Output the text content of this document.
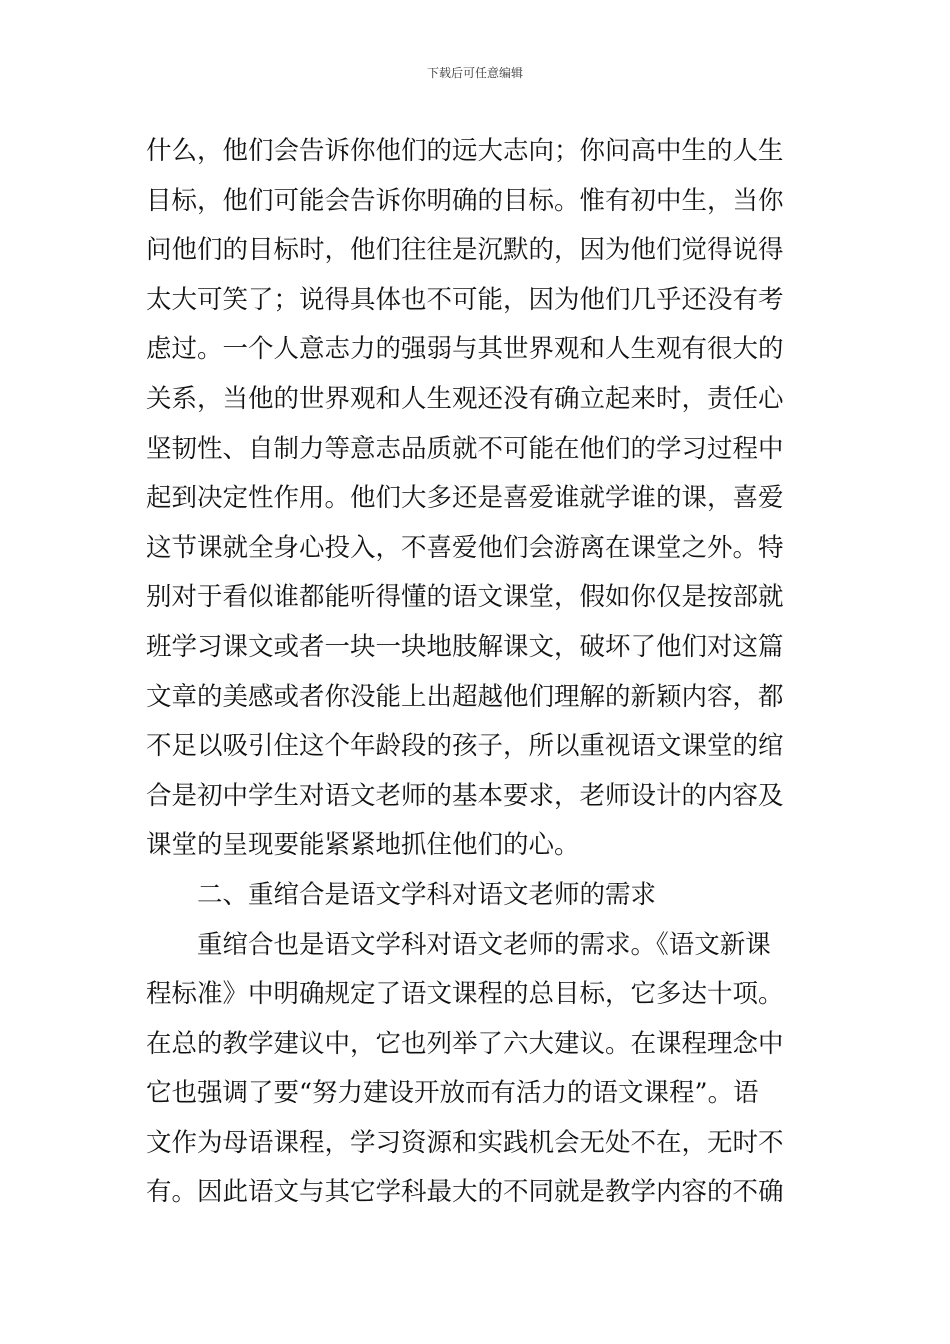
下载后可任意编辑
什么，他们会告诉你他们的远大志向；你问高中生的人生
目标，他们可能会告诉你明确的目标。惟有初中生，当你
问他们的目标时，他们往往是沉默的，因为他们觉得说得
太大可笑了；说得具体也不可能，因为他们几乎还没有考
虑过。一个人意志力的强弱与其世界观和人生观有很大的
关系，当他的世界观和人生观还没有确立起来时，责任心
坚韧性、自制力等意志品质就不可能在他们的学习过程中
起到决定性作用。他们大多还是喜爱谁就学谁的课，喜爱
这节课就全身心投入，不喜爱他们会游离在课堂之外。特
别对于看似谁都能听得懂的语文课堂，假如你仅是按部就
班学习课文或者一块一块地肢解课文，破坏了他们对这篇
文章的美感或者你没能上出超越他们理解的新颖内容，都
不足以吸引住这个年龄段的孩子，所以重视语文课堂的绾
合是初中学生对语文老师的基本要求，老师设计的内容及
课堂的呈现要能紧紧地抓住他们的心。
二、重绾合是语文学科对语文老师的需求
重绾合也是语文学科对语文老师的需求。《语文新课
程标准》中明确规定了语文课程的总目标，它多达十项。
在总的教学建议中，它也列举了六大建议。在课程理念中
它也强调了要“努力建设开放而有活力的语文课程”。语
文作为母语课程，学习资源和实践机会无处不在，无时不
有。因此语文与其它学科最大的不同就是教学内容的不确
